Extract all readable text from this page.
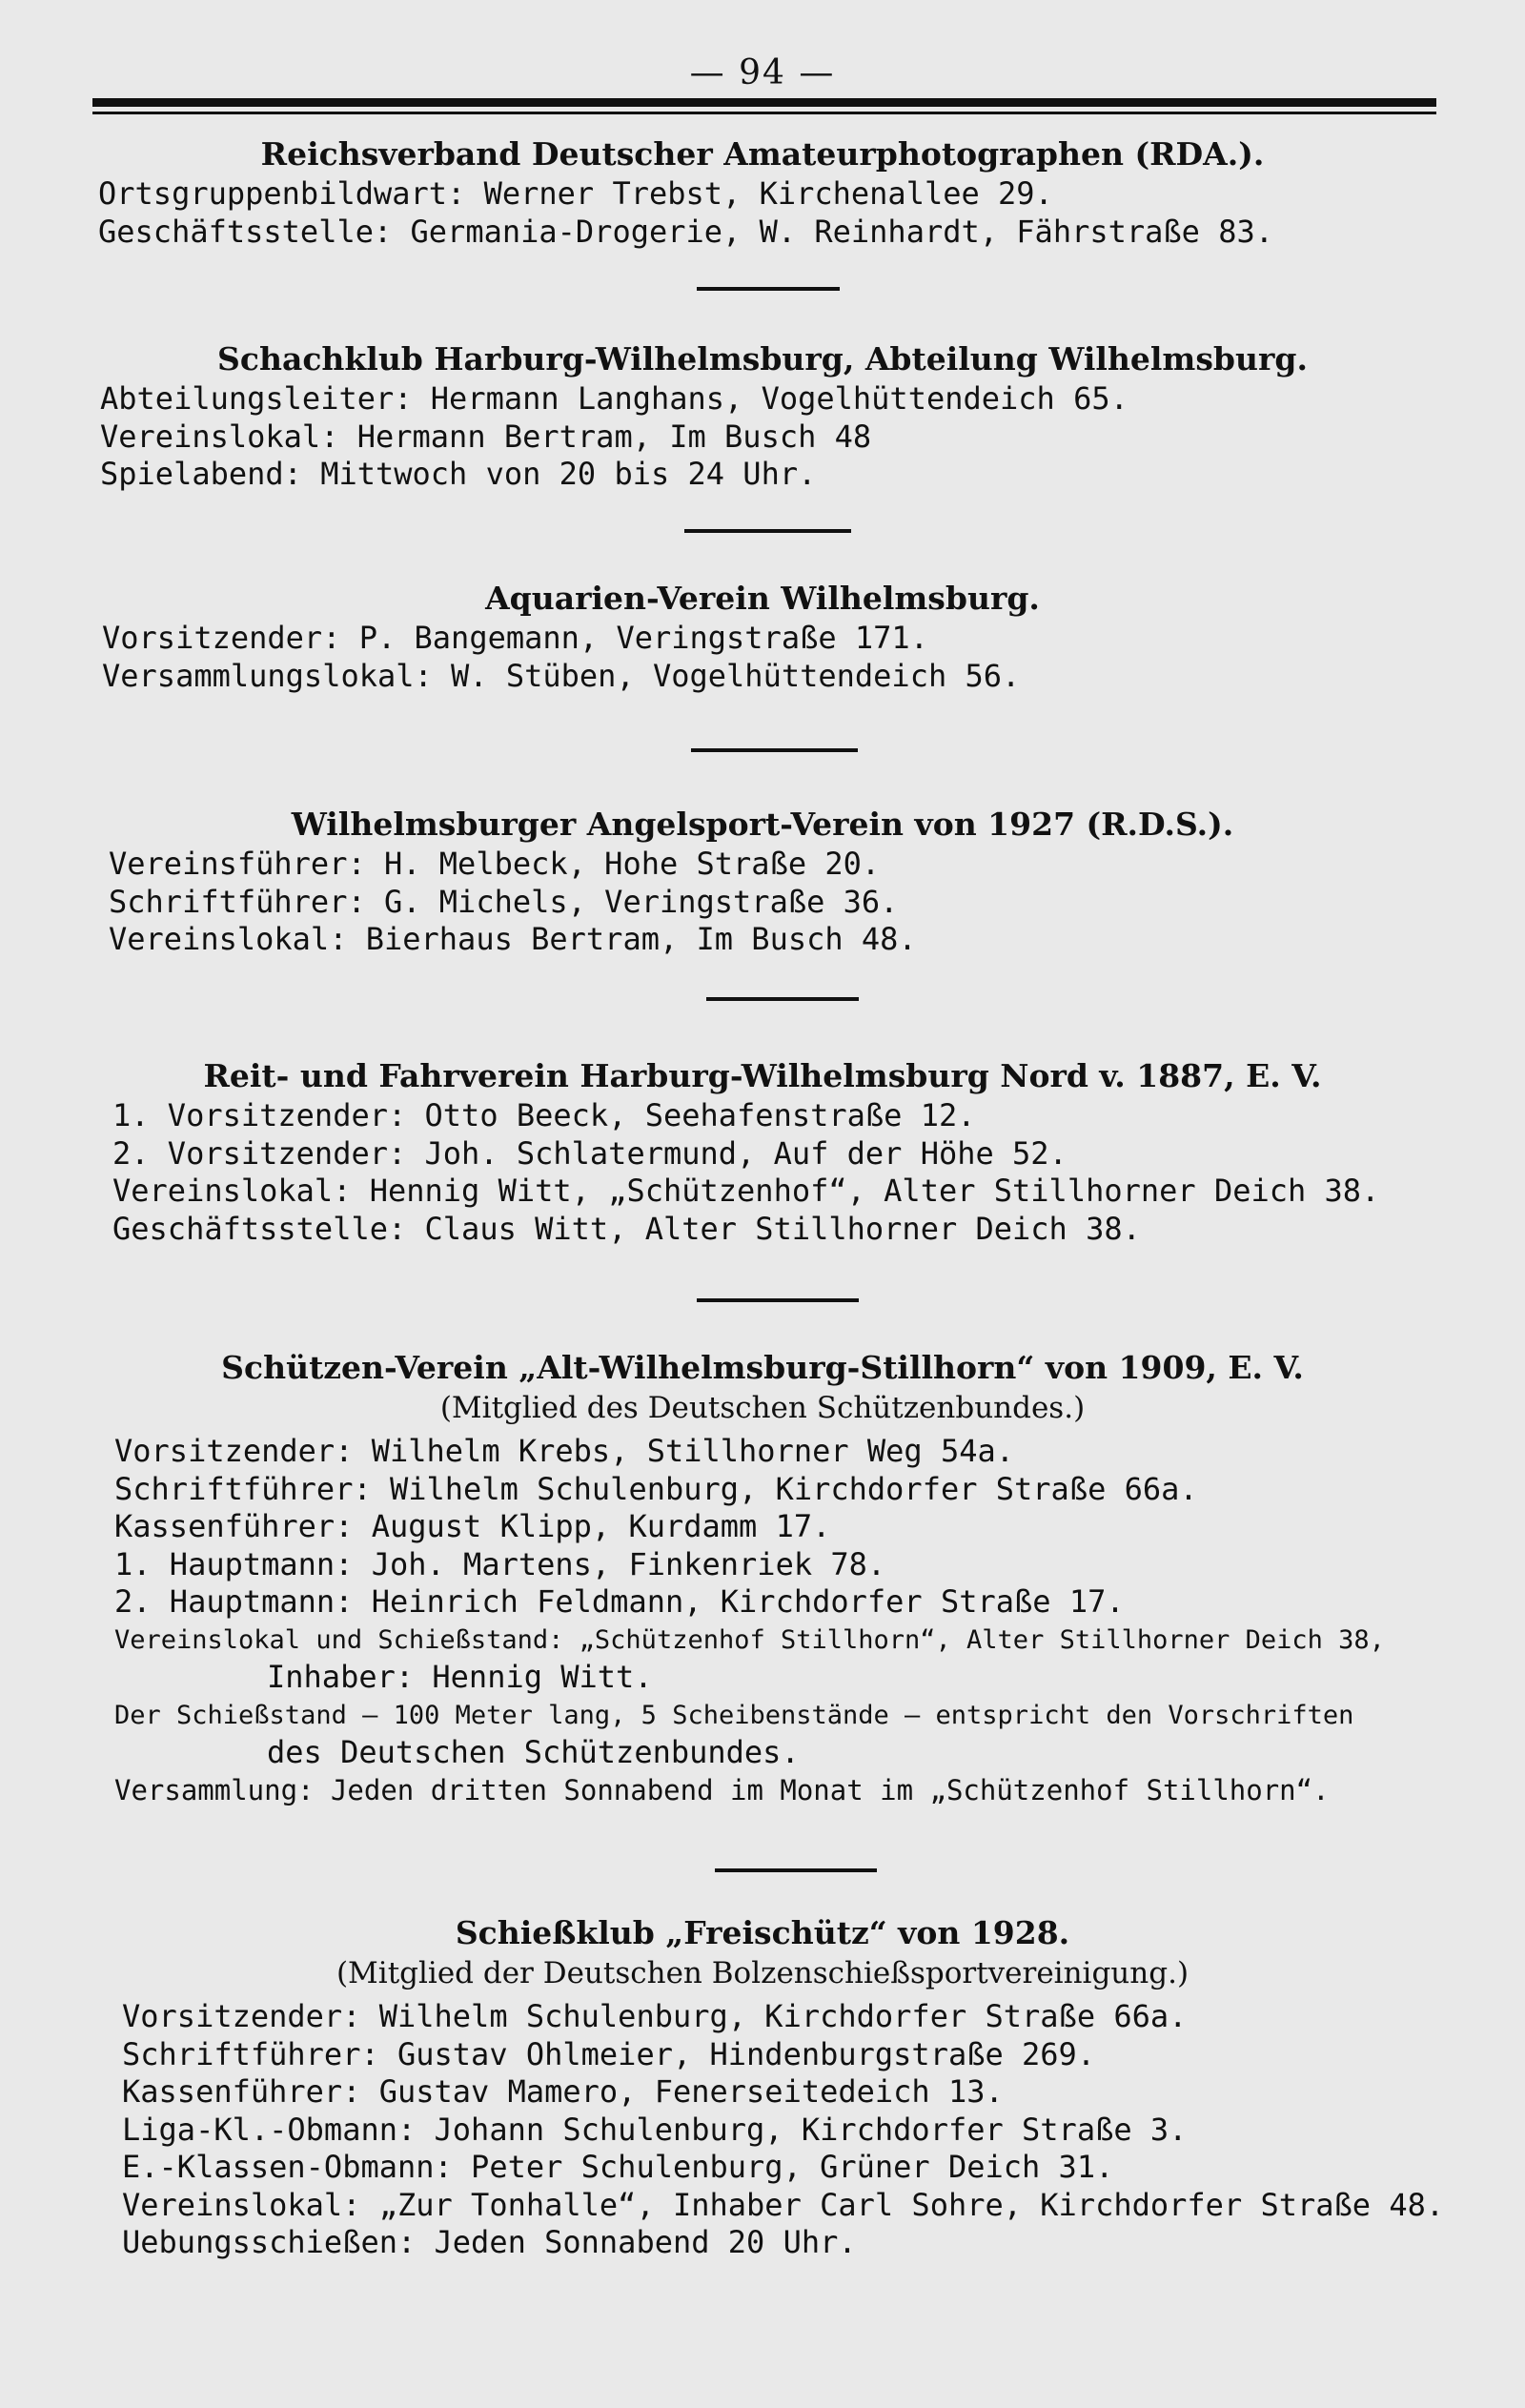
— 94 —
Reichsverband Deutscher Amateurphotographen (RDA.).
Ortsgruppenbildwart: Werner Trebst, Kirchenallee 29.
Geschäftsstelle: Germania-Drogerie, W. Reinhardt, Fährstraße 83.
Schachklub Harburg-Wilhelmsburg, Abteilung Wilhelmsburg.
Abteilungsleiter: Hermann Langhans, Vogelhüttendeich 65.
Vereinslokal: Hermann Bertram, Im Busch 48
Spielabend: Mittwoch von 20 bis 24 Uhr.
Aquarien-Verein Wilhelmsburg.
Vorsitzender: P. Bangemann, Veringstraße 171.
Versammlungslokal: W. Stüben, Vogelhüttendeich 56.
Wilhelmsburger Angelsport-Verein von 1927 (R.D.S.).
Vereinsführer: H. Melbeck, Hohe Straße 20.
Schriftführer: G. Michels, Veringstraße 36.
Vereinslokal: Bierhaus Bertram, Im Busch 48.
Reit- und Fahrverein Harburg-Wilhelmsburg Nord v. 1887, E. V.
1. Vorsitzender: Otto Beeck, Seehafenstraße 12.
2. Vorsitzender: Joh. Schlatermund, Auf der Höhe 52.
Vereinslokal: Hennig Witt, „Schützenhof“, Alter Stillhorner Deich 38.
Geschäftsstelle: Claus Witt, Alter Stillhorner Deich 38.
Schützen-Verein „Alt-Wilhelmsburg-Stillhorn“ von 1909, E. V.
(Mitglied des Deutschen Schützenbundes.)
Vorsitzender: Wilhelm Krebs, Stillhorner Weg 54a.
Schriftführer: Wilhelm Schulenburg, Kirchdorfer Straße 66a.
Kassenführer: August Klipp, Kurdamm 17.
1. Hauptmann: Joh. Martens, Finkenriek 78.
2. Hauptmann: Heinrich Feldmann, Kirchdorfer Straße 17.
Vereinslokal und Schießstand: „Schützenhof Stillhorn“, Alter Stillhorner Deich 38,
Inhaber: Hennig Witt.
Der Schießstand — 100 Meter lang, 5 Scheibenstände — entspricht den Vorschriften
des Deutschen Schützenbundes.
Versammlung: Jeden dritten Sonnabend im Monat im „Schützenhof Stillhorn“.
Schießklub „Freischütz“ von 1928.
(Mitglied der Deutschen Bolzenschießsportvereinigung.)
Vorsitzender: Wilhelm Schulenburg, Kirchdorfer Straße 66a.
Schriftführer: Gustav Ohlmeier, Hindenburgstraße 269.
Kassenführer: Gustav Mamero, Fenerseitedeich 13.
Liga-Kl.-Obmann: Johann Schulenburg, Kirchdorfer Straße 3.
E.-Klassen-Obmann: Peter Schulenburg, Grüner Deich 31.
Vereinslokal: „Zur Tonhalle“, Inhaber Carl Sohre, Kirchdorfer Straße 48.
Uebungsschießen: Jeden Sonnabend 20 Uhr.
